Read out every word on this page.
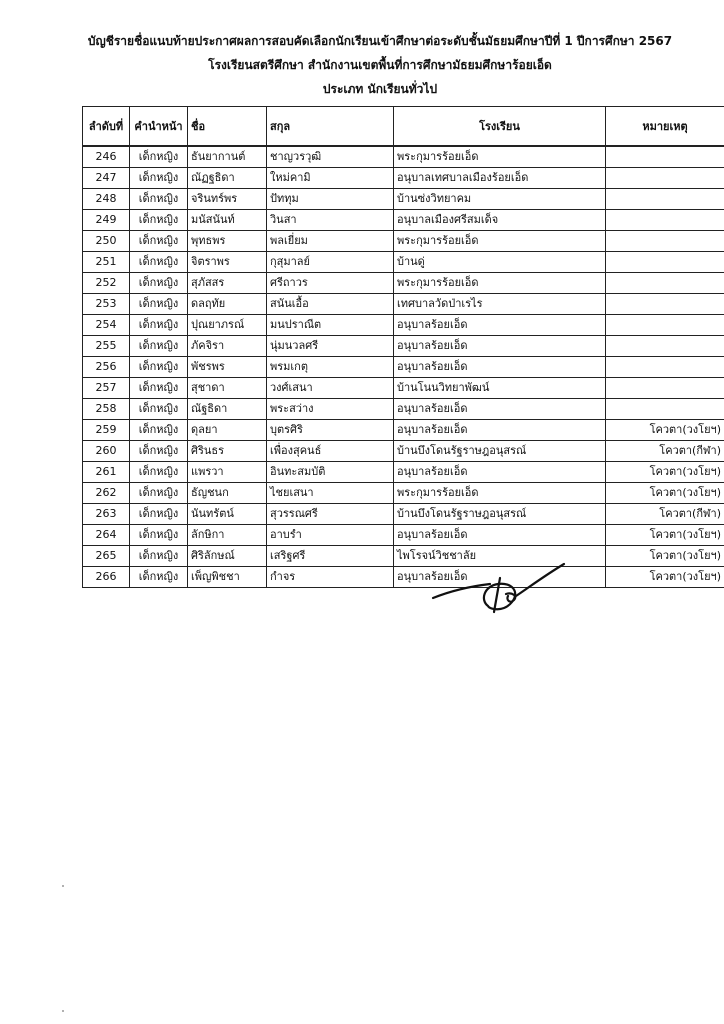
บัญชีรายชื่อแนบท้ายประกาศผลการสอบคัดเลือกนักเรียนเข้าศึกษาต่อระดับชั้นมัธยมศึกษาปีที่ 1 ปีการศึกษา 2567
โรงเรียนสตรีศึกษา สำนักงานเขตพื้นที่การศึกษามัธยมศึกษาร้อยเอ็ด
ประเภท นักเรียนทั่วไป
ลำดับที่	คำนำหน้า	ชื่อ	สกุล	โรงเรียน	หมายเหตุ
246	เด็กหญิง	ธันยากานต์	ชาญวรวุฒิ	พระกุมารร้อยเอ็ด	
247	เด็กหญิง	ณัฏฐธิดา	ใหม่คามิ	อนุบาลเทศบาลเมืองร้อยเอ็ด	
248	เด็กหญิง	จรินทร์พร	ปัททุม	บ้านซ่งวิทยาคม	
249	เด็กหญิง	มนัสนันท์	วินสา	อนุบาลเมืองศรีสมเด็จ	
250	เด็กหญิง	พุทธพร	พลเยี่ยม	พระกุมารร้อยเอ็ด	
251	เด็กหญิง	จิตราพร	กุสุมาลย์	บ้านดู่	
252	เด็กหญิง	สุภัสสร	ศรีถาวร	พระกุมารร้อยเอ็ด	
253	เด็กหญิง	ดลฤทัย	สนันเอื้อ	เทศบาลวัดป่าเรไร	
254	เด็กหญิง	ปุณยาภรณ์	มนปราณีต	อนุบาลร้อยเอ็ด	
255	เด็กหญิง	ภัคจิรา	นุ่มนวลศรี	อนุบาลร้อยเอ็ด	
256	เด็กหญิง	พัชรพร	พรมเกตุ	อนุบาลร้อยเอ็ด	
257	เด็กหญิง	สุชาดา	วงศ์เสนา	บ้านโนนวิทยาพัฒน์	
258	เด็กหญิง	ณัฐธิดา	พระสว่าง	อนุบาลร้อยเอ็ด	
259	เด็กหญิง	ดุลยา	บุตรศิริ	อนุบาลร้อยเอ็ด	โควตา(วงโยฯ)
260	เด็กหญิง	ศิรินธร	เพื่องสุคนธ์	บ้านบึงโดนรัฐราษฎอนุสรณ์	โควตา(กีฬา)
261	เด็กหญิง	แพรวา	อินทะสมบัติ	อนุบาลร้อยเอ็ด	โควตา(วงโยฯ)
262	เด็กหญิง	ธัญชนก	ไชยเสนา	พระกุมารร้อยเอ็ด	โควตา(วงโยฯ)
263	เด็กหญิง	นันทรัตน์	สุวรรณศรี	บ้านบึงโดนรัฐราษฎอนุสรณ์	โควตา(กีฬา)
264	เด็กหญิง	ลักษิกา	อาบรำ	อนุบาลร้อยเอ็ด	โควตา(วงโยฯ)
265	เด็กหญิง	ศิริลักษณ์	เสริฐศรี	ไพโรจน์วิชชาลัย	โควตา(วงโยฯ)
266	เด็กหญิง	เพ็ญพิชชา	กำจร	อนุบาลร้อยเอ็ด	โควตา(วงโยฯ)
